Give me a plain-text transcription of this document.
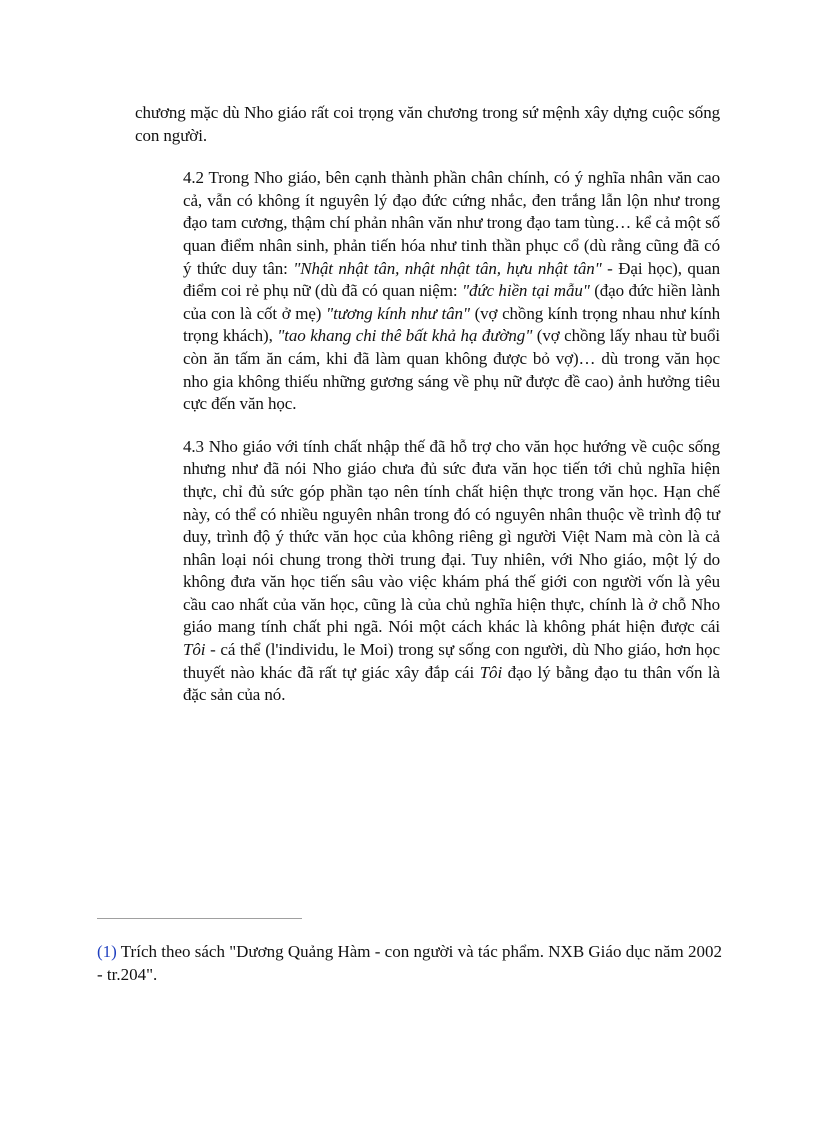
chương mặc dù Nho giáo rất coi trọng văn chương trong sứ mệnh xây dựng cuộc sống con người.

4.2 Trong Nho giáo, bên cạnh thành phần chân chính, có ý nghĩa nhân văn cao cả, vẫn có không ít nguyên lý đạo đức cứng nhắc, đen trắng lẫn lộn như trong đạo tam cương, thậm chí phản nhân văn như trong đạo tam tùng… kể cả một số quan điểm nhân sinh, phản tiến hóa như tinh thần phục cổ (dù rằng cũng đã có ý thức duy tân: "Nhật nhật tân, nhật nhật tân, hựu nhật tân" - Đại học), quan điểm coi rẻ phụ nữ (dù đã có quan niệm: "đức hiền tại mẫu" (đạo đức hiền lành của con là cốt ở mẹ) "tương kính như tân" (vợ chồng kính trọng nhau như kính trọng khách), "tao khang chi thê bất khả hạ đường" (vợ chồng lấy nhau từ buổi còn ăn tấm ăn cám, khi đã làm quan không được bỏ vợ)… dù trong văn học nho gia không thiếu những gương sáng về phụ nữ được đề cao) ảnh hưởng tiêu cực đến văn học.

4.3 Nho giáo với tính chất nhập thế đã hỗ trợ cho văn học hướng về cuộc sống nhưng như đã nói Nho giáo chưa đủ sức đưa văn học tiến tới chủ nghĩa hiện thực, chỉ đủ sức góp phần tạo nên tính chất hiện thực trong văn học. Hạn chế này, có thể có nhiều nguyên nhân trong đó có nguyên nhân thuộc về trình độ tư duy, trình độ ý thức văn học của không riêng gì người Việt Nam mà còn là cả nhân loại nói chung trong thời trung đại. Tuy nhiên, với Nho giáo, một lý do không đưa văn học tiến sâu vào việc khám phá thế giới con người vốn là yêu cầu cao nhất của văn học, cũng là của chủ nghĩa hiện thực, chính là ở chỗ Nho giáo mang tính chất phi ngã. Nói một cách khác là không phát hiện được cái Tôi - cá thể (l'individu, le Moi) trong sự sống con người, dù Nho giáo, hơn học thuyết nào khác đã rất tự giác xây đắp cái Tôi đạo lý bằng đạo tu thân vốn là đặc sản của nó.

(1) Trích theo sách "Dương Quảng Hàm - con người và tác phẩm. NXB Giáo dục năm 2002 - tr.204".
